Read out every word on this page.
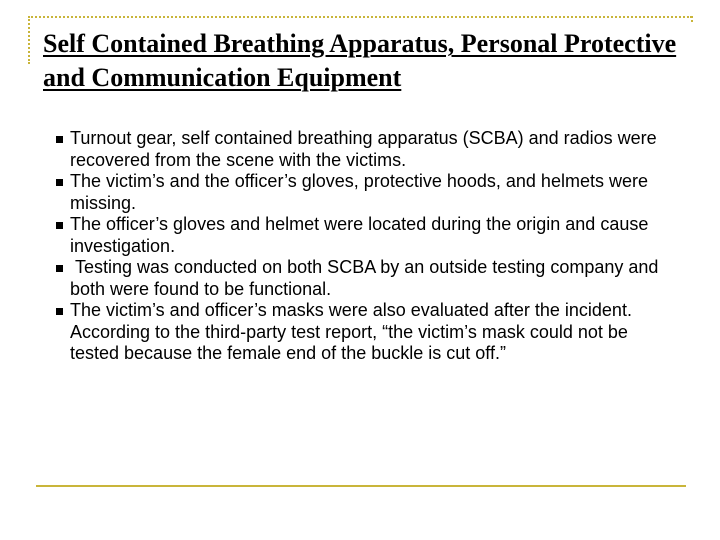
Self Contained Breathing Apparatus, Personal Protective and Communication Equipment
Turnout gear, self contained breathing apparatus (SCBA) and radios were recovered from the scene with the victims.
The victim’s and the officer’s gloves, protective hoods, and helmets were missing.
The officer’s gloves and helmet were located during the origin and cause investigation.
Testing was conducted on both SCBA by an outside testing company and both were found to be functional.
The victim’s and officer’s masks were also evaluated after the incident. According to the third-party test report, “the victim’s mask could not be tested because the female end of the buckle is cut off.”
